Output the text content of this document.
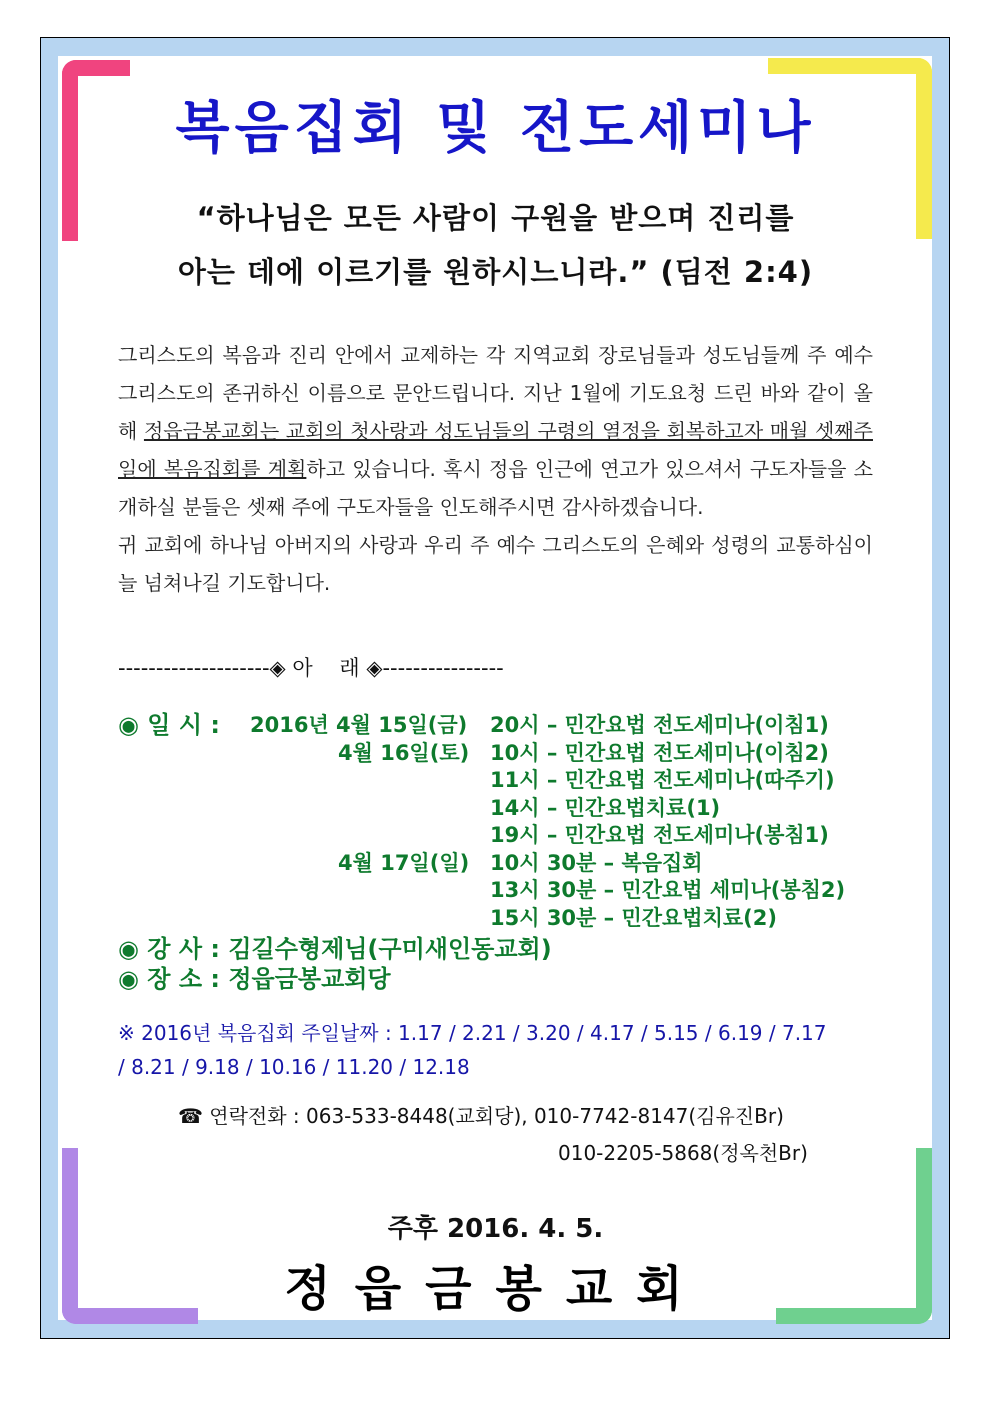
복음집회 및 전도세미나
“하나님은 모든 사람이 구원을 받으며 진리를
아는 데에 이르기를 원하시느니라.” (딤전 2:4)

그리스도의 복음과 진리 안에서 교제하는 각 지역교회 장로님들과 성도님들께 주 예수 그리스도의 존귀하신 이름으로 문안드립니다. 지난 1월에 기도요청 드린 바와 같이 올해 정읍금봉교회는 교회의 첫사랑과 성도님들의 구령의 열정을 회복하고자 매월 셋째주일에 복음집회를 계획하고 있습니다. 혹시 정읍 인근에 연고가 있으셔서 구도자들을 소개하실 분들은 셋째 주에 구도자들을 인도해주시면 감사하겠습니다.

귀 교회에 하나님 아버지의 사랑과 우리 주 예수 그리스도의 은혜와 성령의 교통하심이 늘 넘쳐나길 기도합니다.

--------------------◈ 아    래 ◈----------------
◉ 일 시 : 2016년 4월 15일(금) 20시 – 민간요법 전도세미나(이침1)
4월 16일(토) 10시 – 민간요법 전도세미나(이침2)
11시 – 민간요법 전도세미나(따주기)
14시 – 민간요법치료(1)
19시 – 민간요법 전도세미나(봉침1)
4월 17일(일) 10시 30분 – 복음집회
13시 30분 – 민간요법 세미나(봉침2)
15시 30분 – 민간요법치료(2)
◉ 강 사 : 김길수형제님(구미새인동교회)
◉ 장 소 : 정읍금봉교회당
※ 2016년 복음집회 주일날짜 : 1.17 / 2.21 / 3.20 / 4.17 / 5.15 / 6.19 / 7.17
/ 8.21 / 9.18 / 10.16 / 11.20 / 12.18
☎ 연락전화 : 063-533-8448(교회당), 010-7742-8147(김유진Br)
010-2205-5868(정옥천Br)
주후 2016. 4. 5.
정읍금봉교회
